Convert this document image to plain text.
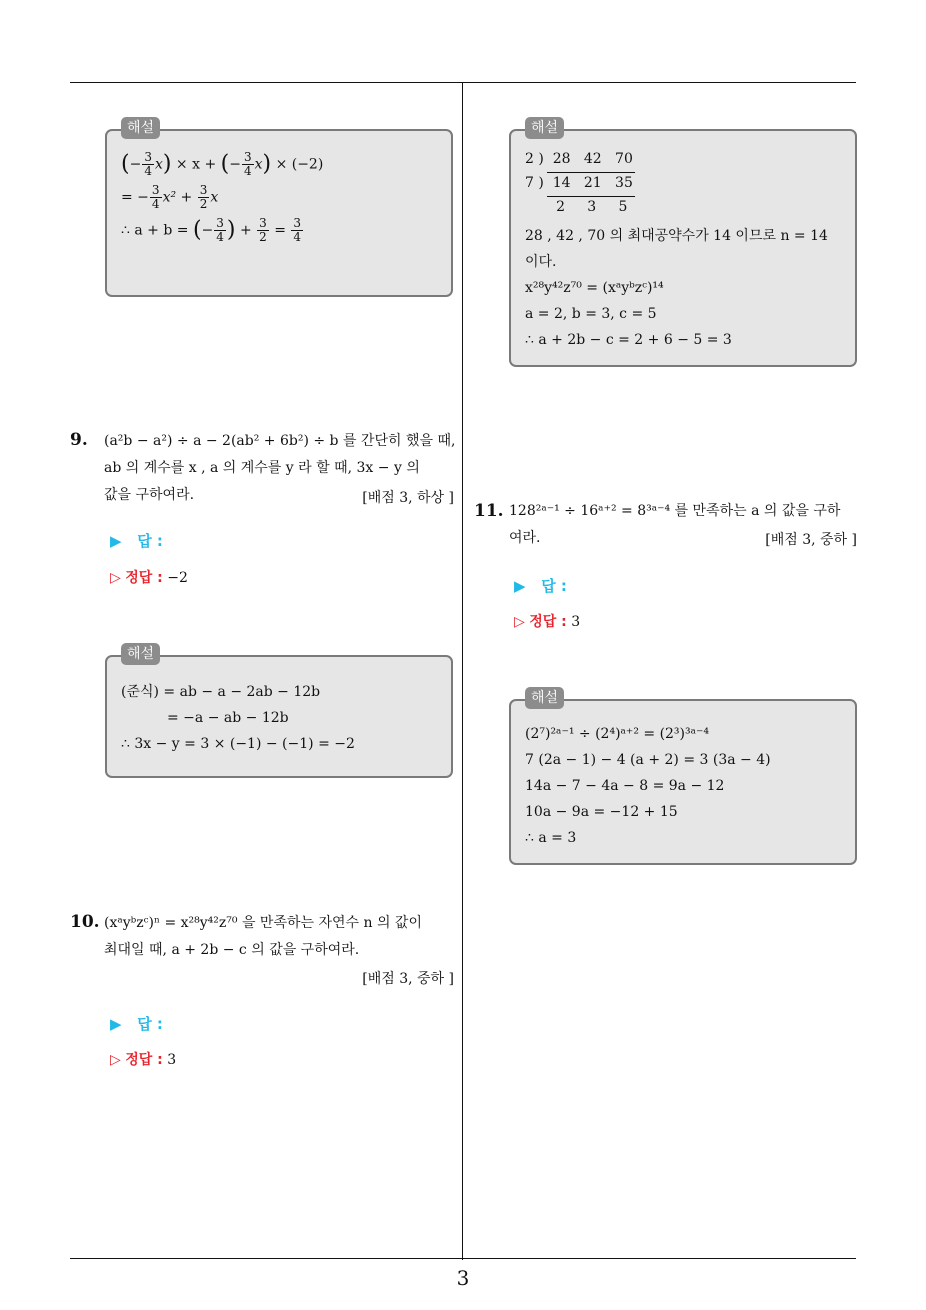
3
해설
(− $\frac{3}{4} x) \times x$ + (− $\frac{3}{4} x) \times (-2)$
= − $\frac{3}{4} x^2 + \frac{3}{2}$ x
∴ a + b = (− $\frac{3}{4}$ ) + $\frac{3}{2} = \frac{3}{4}$
해설
2 )  28   42   70
7 )  14   21   35
2     3     5
28 , 42 , 70 의 최대공약수가 14 이므로 n = 14
이다.
x²⁸y⁴²z⁷⁰ = (xᵃyᵇzᶜ)¹⁴
a = 2, b = 3, c = 5
∴ a + 2b − c = 2 + 6 − 5 = 3
9. (a²b − a²) ÷ a − 2(ab² + 6b²) ÷ b 를 간단히 했을 때,
ab 의 계수를 x , a 의 계수를 y 라 할 때, 3x − y 의
값을 구하여라.	[배점 3, 하상 ]
▶ 답 :
▷ 정답 : −2
해설
(준식) = ab − a − 2ab − 12b
= −a − ab − 12b
∴ 3x − y = 3 × (−1) − (−1) = −2
10. (xᵃyᵇzᶜ)ⁿ = x²⁸y⁴²z⁷⁰ 을 만족하는 자연수 n 의 값이
최대일 때, a + 2b − c 의 값을 구하여라.
[배점 3, 중하 ]
▶ 답 :
▷ 정답 : 3
11. 128²ᵃ⁻¹ ÷ 16ᵃ⁺² = 8³ᵃ⁻⁴ 를 만족하는 a 의 값을 구하
여라.	[배점 3, 중하 ]
▶ 답 :
▷ 정답 : 3
해설
(2⁷)²ᵃ⁻¹ ÷ (2⁴)ᵃ⁺² = (2³)³ᵃ⁻⁴
7 (2a − 1) − 4 (a + 2) = 3 (3a − 4)
14a − 7 − 4a − 8 = 9a − 12
10a − 9a = −12 + 15
∴ a = 3
